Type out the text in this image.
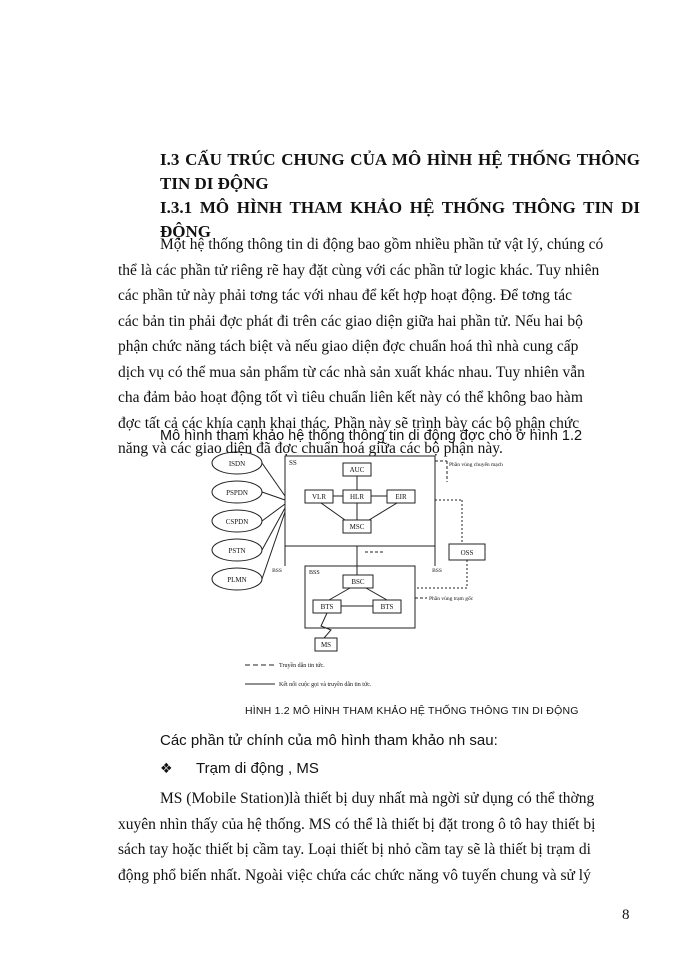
I.3 CẤU TRÚC CHUNG CỦA MÔ HÌNH HỆ THỐNG THÔNG TIN DI ĐỘNG
I.3.1 MÔ HÌNH THAM KHẢO HỆ THỐNG THÔNG TIN DI ĐỘNG
Một hệ thống thông tin di động bao gồm nhiều phần tử vật lý, chúng có
thể là các phần tử riêng rẽ hay đặt cùng với các phần tử logic khác. Tuy nhiên
các phần tử này phải tơng tác với nhau để kết hợp hoạt động. Để tơng tác
các bản tin phải đợc phát đi trên các giao diện giữa hai phần tử. Nếu hai bộ
phận chức năng tách biệt và nếu giao diện đợc chuẩn hoá thì nhà cung cấp
dịch vụ có thể mua sản phẩm từ các nhà sản xuất khác nhau. Tuy nhiên vẫn
cha đảm bảo hoạt động tốt vì tiêu chuẩn liên kết này có thể không bao hàm
đợc tất cả các khía cạnh khai thác. Phần này sẽ trình bày các bộ phận chức
năng và các giao diện đã đợc chuẩn hoá giữa các bộ phận này.

Mô hình tham khảo hệ thống thông tin di động đợc cho ở hình 1.2

ISDN
PSPDN
CSPDN
PSTN
PLMN
SS
AUC
VLR	HLR	EIR
MSC
Phần vùng chuyển mạch
OSS
BSS	BSS
BSS
BSC
BTS	BTS
Phần vùng trạm gốc
MS
Truyền dẫn tin tức.
Kết nối cuộc gọi và truyền dẫn tin tức.

HÌNH 1.2 MÔ HÌNH THAM KHẢO HỆ THỐNG THÔNG TIN DI ĐỘNG

Các phần tử chính của mô hình tham khảo nh sau:

❖ Trạm di động , MS

MS (Mobile Station)là thiết bị duy nhất mà ngời sử dụng có thể thờng
xuyên nhìn thấy của hệ thống. MS có thể là thiết bị đặt trong ô tô hay thiết bị
sách tay hoặc thiết bị cầm tay. Loại thiết bị nhỏ cầm tay sẽ là thiết bị trạm di
động phổ biến nhất. Ngoài việc chứa các chức năng vô tuyến chung và sử lý

8
